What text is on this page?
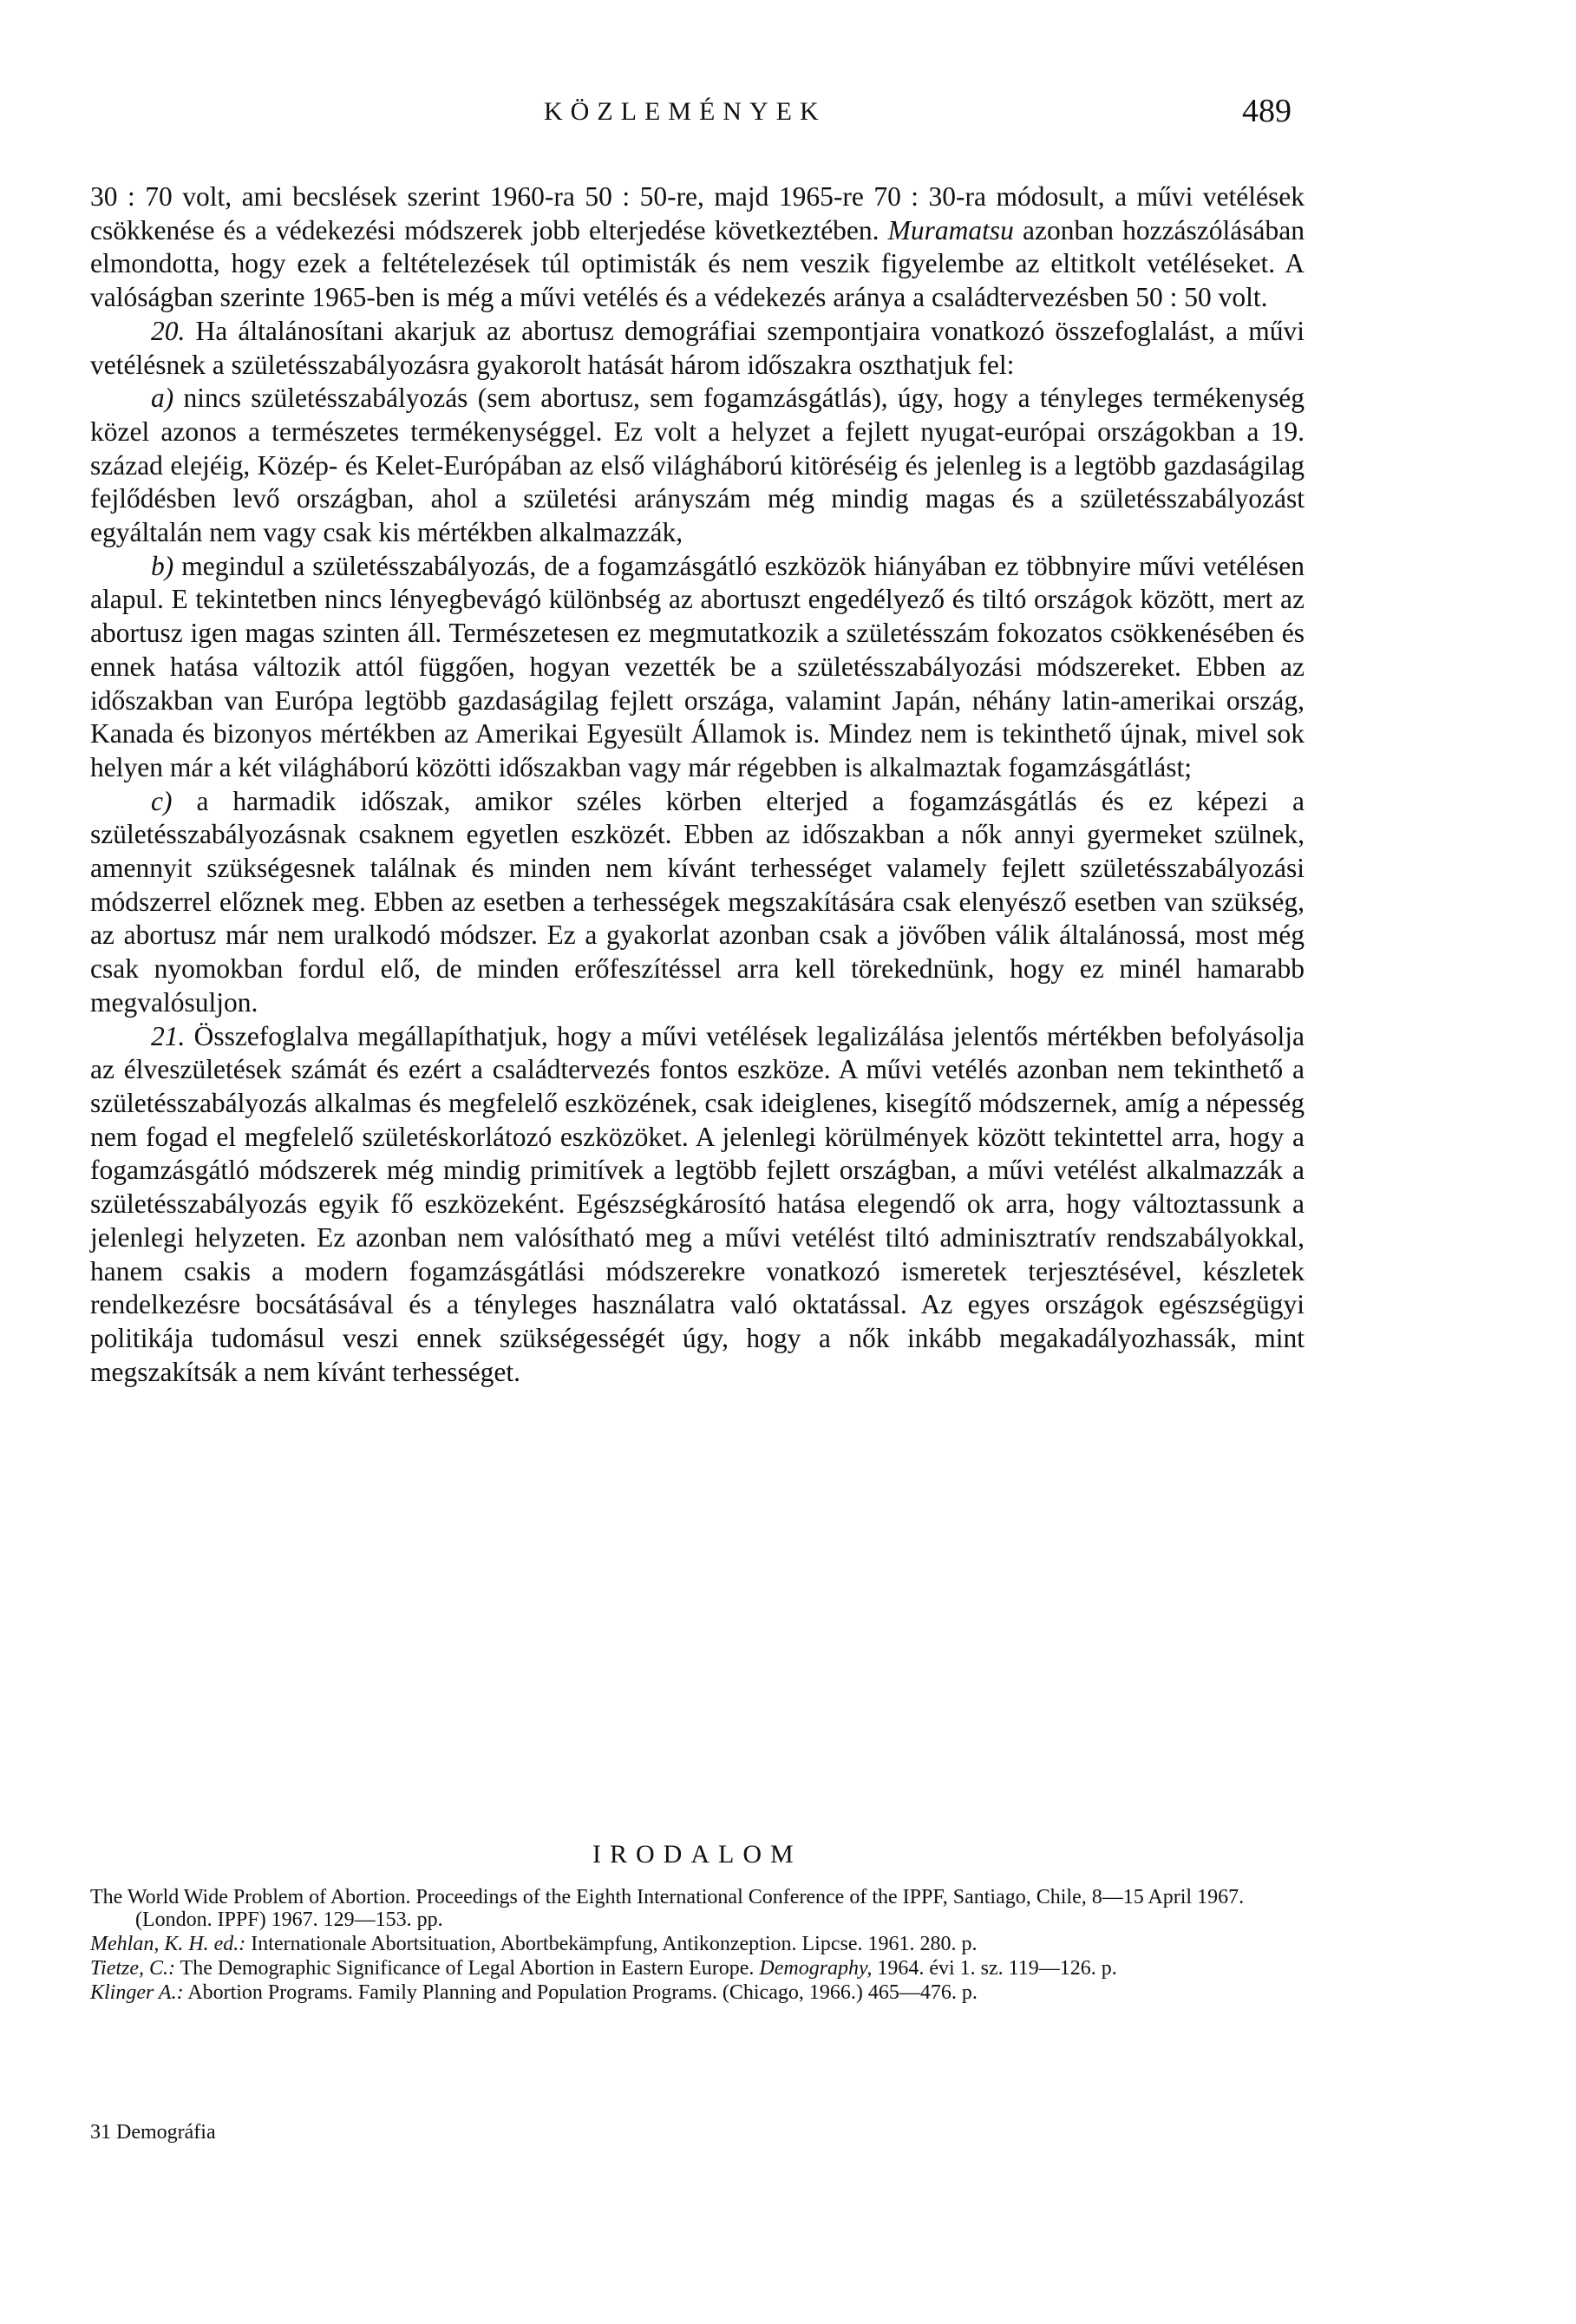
KÖZLEMÉNYEK	489

30 : 70 volt, ami becslések szerint 1960-ra 50 : 50-re, majd 1965-re 70 : 30-ra módosult, a művi vetélések csökkenése és a védekezési módszerek jobb elterjedése következtében. Muramatsu azonban hozzászólásában elmondotta, hogy ezek a feltételezések túl optimisták és nem veszik figyelembe az eltitkolt vetéléseket. A valóságban szerinte 1965-ben is még a művi vetélés és a védekezés aránya a családtervezésben 50 : 50 volt.

20. Ha általánosítani akarjuk az abortusz demográfiai szempontjaira vonatkozó összefoglalást, a művi vetélésnek a születésszabályozásra gyakorolt hatását három időszakra oszthatjuk fel:

a) nincs születésszabályozás (sem abortusz, sem fogamzásgátlás), úgy, hogy a tényleges termékenység közel azonos a természetes termékenységgel. Ez volt a helyzet a fejlett nyugat-európai országokban a 19. század elejéig, Közép- és Kelet-Európában az első világháború kitöréséig és jelenleg is a legtöbb gazdaságilag fejlődésben levő országban, ahol a születési arányszám még mindig magas és a születésszabályozást egyáltalán nem vagy csak kis mértékben alkalmazzák,

b) megindul a születésszabályozás, de a fogamzásgátló eszközök hiányában ez többnyire művi vetélésen alapul. E tekintetben nincs lényegbevágó különbség az abortuszt engedélyező és tiltó országok között, mert az abortusz igen magas szinten áll. Természetesen ez megmutatkozik a születésszám fokozatos csökkenésében és ennek hatása változik attól függően, hogyan vezették be a születésszabályozási módszereket. Ebben az időszakban van Európa legtöbb gazdaságilag fejlett országa, valamint Japán, néhány latin-amerikai ország, Kanada és bizonyos mértékben az Amerikai Egyesült Államok is. Mindez nem is tekinthető újnak, mivel sok helyen már a két világháború közötti időszakban vagy már régebben is alkalmaztak fogamzásgátlást;

c) a harmadik időszak, amikor széles körben elterjed a fogamzásgátlás és ez képezi a születésszabályozásnak csaknem egyetlen eszközét. Ebben az időszakban a nők annyi gyermeket szülnek, amennyit szükségesnek találnak és minden nem kívánt terhességet valamely fejlett születésszabályozási módszerrel előznek meg. Ebben az esetben a terhességek megszakítására csak elenyésző esetben van szükség, az abortusz már nem uralkodó módszer. Ez a gyakorlat azonban csak a jövőben válik általánossá, most még csak nyomokban fordul elő, de minden erőfeszítéssel arra kell törekednünk, hogy ez minél hamarabb megvalósuljon.

21. Összefoglalva megállapíthatjuk, hogy a művi vetélések legalizálása jelentős mértékben befolyásolja az élveszületések számát és ezért a családtervezés fontos eszköze. A művi vetélés azonban nem tekinthető a születésszabályozás alkalmas és megfelelő eszközének, csak ideiglenes, kisegítő módszernek, amíg a népesség nem fogad el megfelelő születéskorlátozó eszközöket. A jelenlegi körülmények között tekintettel arra, hogy a fogamzásgátló módszerek még mindig primitívek a legtöbb fejlett országban, a művi vetélést alkalmazzák a születésszabályozás egyik fő eszközeként. Egészségkárosító hatása elegendő ok arra, hogy változtassunk a jelenlegi helyzeten. Ez azonban nem valósítható meg a művi vetélést tiltó adminisztratív rendszabályokkal, hanem csakis a modern fogamzásgátlási módszerekre vonatkozó ismeretek terjesztésével, készletek rendelkezésre bocsátásával és a tényleges használatra való oktatással. Az egyes országok egészségügyi politikája tudomásul veszi ennek szükségességét úgy, hogy a nők inkább megakadályozhassák, mint megszakítsák a nem kívánt terhességet.

IRODALOM
The World Wide Problem of Abortion. Proceedings of the Eighth International Conference of the IPPF, Santiago, Chile, 8—15 April 1967. (London. IPPF) 1967. 129—153. pp.
Mehlan, K. H. ed.: Internationale Abortsituation, Abortbekämpfung, Antikonzeption. Lipcse. 1961. 280. p.
Tietze, C.: The Demographic Significance of Legal Abortion in Eastern Europe. Demography, 1964. évi 1. sz. 119—126. p.
Klinger A.: Abortion Programs. Family Planning and Population Programs. (Chicago, 1966.) 465—476. p.
31 Demográfia
